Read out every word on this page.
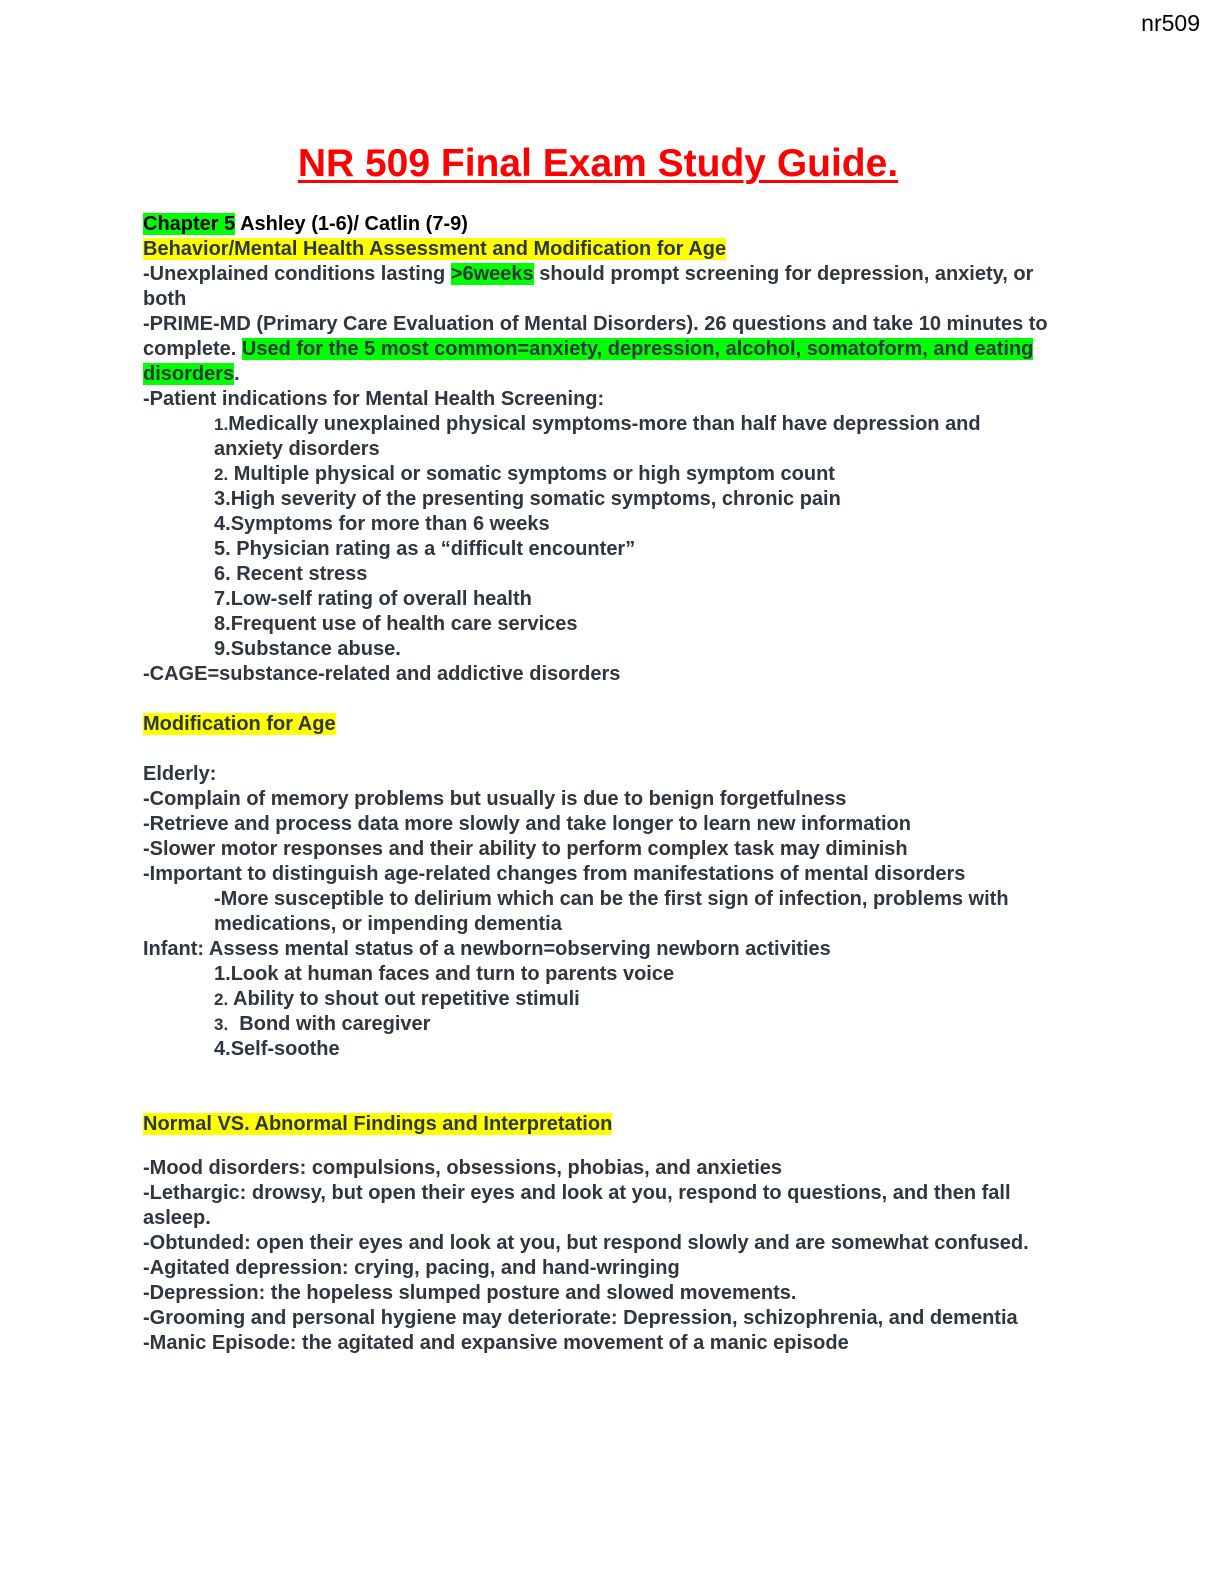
nr509
NR 509 Final Exam Study Guide.

Chapter 5 Ashley (1-6)/ Catlin (7-9)

Behavior/Mental Health Assessment and Modification for Age

-Unexplained conditions lasting >6weeks should prompt screening for depression, anxiety, or both

-PRIME-MD (Primary Care Evaluation of Mental Disorders). 26 questions and take 10 minutes to complete. Used for the 5 most common=anxiety, depression, alcohol, somatoform, and eating disorders.

-Patient indications for Mental Health Screening:

1.Medically unexplained physical symptoms-more than half have depression and anxiety disorders

2. Multiple physical or somatic symptoms or high symptom count

3.High severity of the presenting somatic symptoms, chronic pain

4.Symptoms for more than 6 weeks

5. Physician rating as a “difficult encounter”

6. Recent stress

7.Low-self rating of overall health

8.Frequent use of health care services

9.Substance abuse.

-CAGE=substance-related and addictive disorders

Modification for Age

Elderly:

-Complain of memory problems but usually is due to benign forgetfulness

-Retrieve and process data more slowly and take longer to learn new information

-Slower motor responses and their ability to perform complex task may diminish

-Important to distinguish age-related changes from manifestations of mental disorders

-More susceptible to delirium which can be the first sign of infection, problems with medications, or impending dementia

Infant: Assess mental status of a newborn=observing newborn activities

1.Look at human faces and turn to parents voice

2. Ability to shout out repetitive stimuli

3.  Bond with caregiver

4.Self-soothe

Normal VS. Abnormal Findings and Interpretation

-Mood disorders: compulsions, obsessions, phobias, and anxieties

-Lethargic: drowsy, but open their eyes and look at you, respond to questions, and then fall asleep.

-Obtunded: open their eyes and look at you, but respond slowly and are somewhat confused.

-Agitated depression: crying, pacing, and hand-wringing

-Depression: the hopeless slumped posture and slowed movements.

-Grooming and personal hygiene may deteriorate: Depression, schizophrenia, and dementia

-Manic Episode: the agitated and expansive movement of a manic episode
